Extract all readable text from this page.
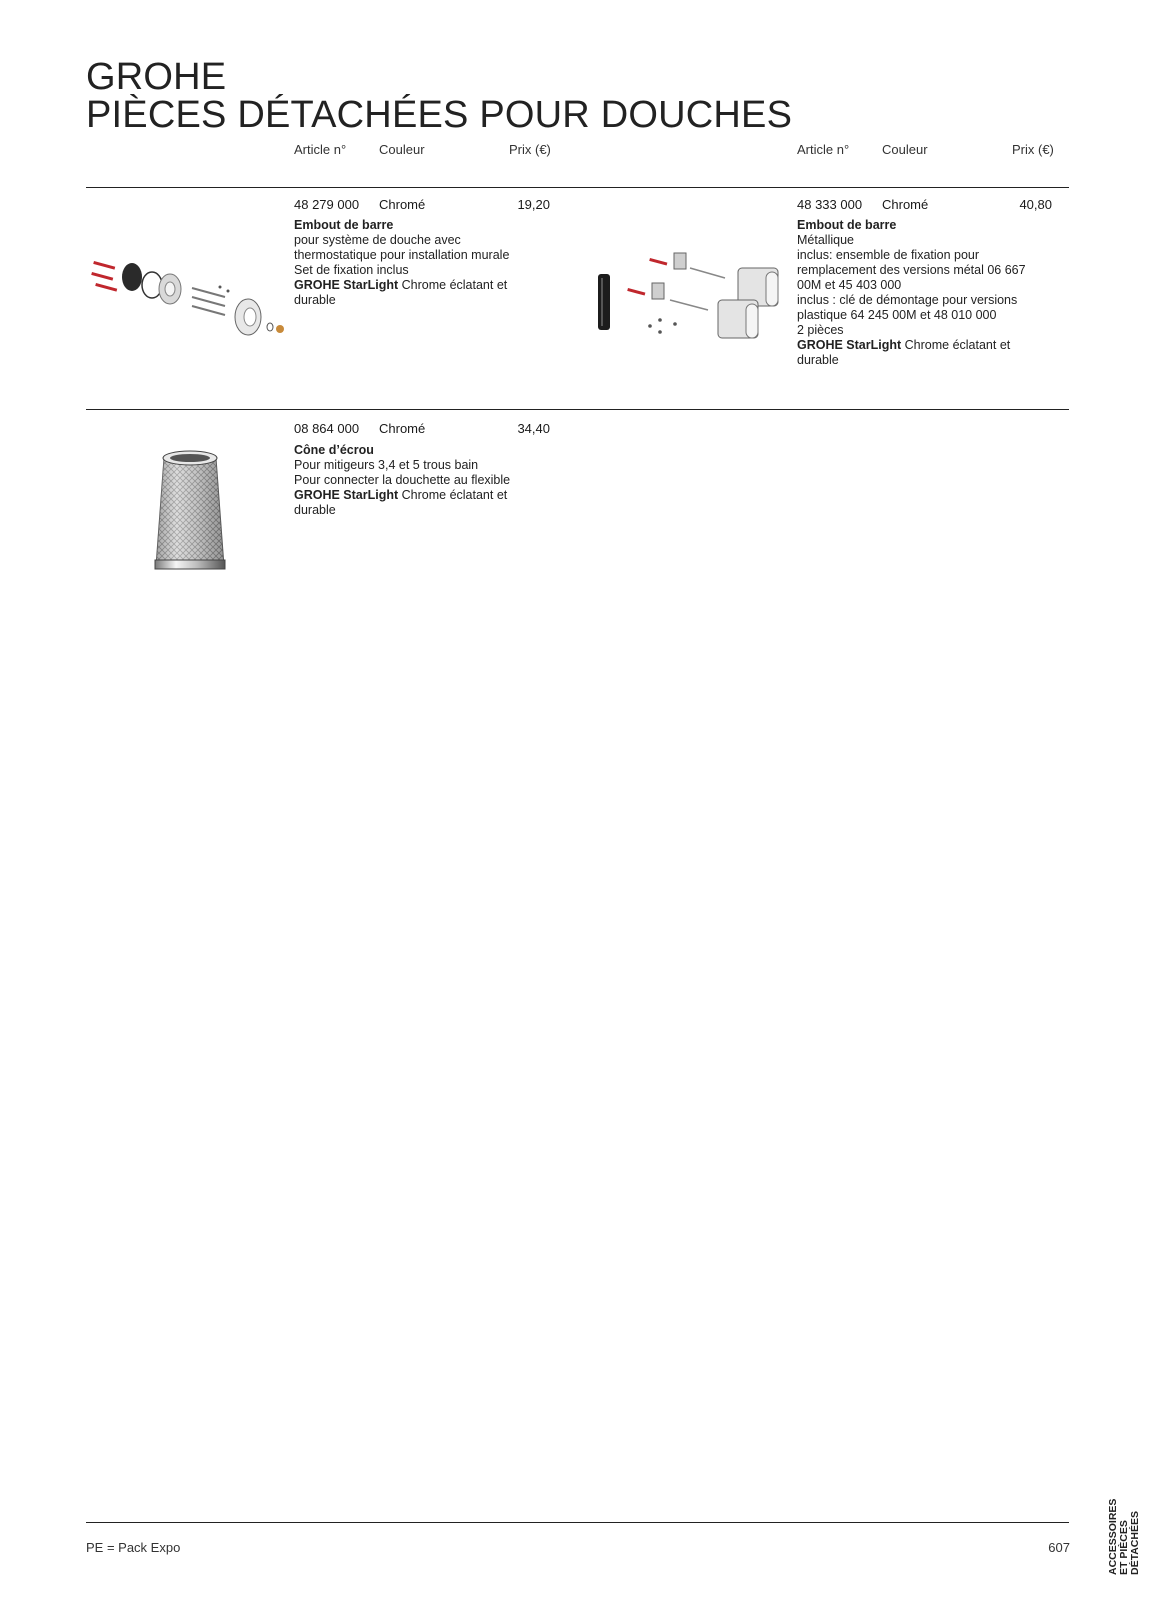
GROHE
PIÈCES DÉTACHÉES POUR DOUCHES
Article n°	Couleur	Prix (€)	Article n°	Couleur	Prix (€)
48 279 000 Chromé	19,20
Embout de barre
pour système de douche avec
thermostatique pour installation murale
Set de fixation inclus
GROHE StarLight Chrome éclatant et
durable
48 333 000 Chromé	40,80
Embout de barre
Métallique
inclus: ensemble de fixation pour
remplacement des versions métal 06 667
00M et 45 403 000
inclus : clé de démontage pour versions
plastique 64 245 00M et 48 010 000
2 pièces
GROHE StarLight Chrome éclatant et
durable
08 864 000 Chromé	34,40
Cône d’écrou
Pour mitigeurs 3,4 et 5 trous bain
Pour connecter la douchette au flexible
GROHE StarLight Chrome éclatant et
durable
PE = Pack Expo	607	ACCESSOIRES ET PIÈCES DÉTACHÉES
